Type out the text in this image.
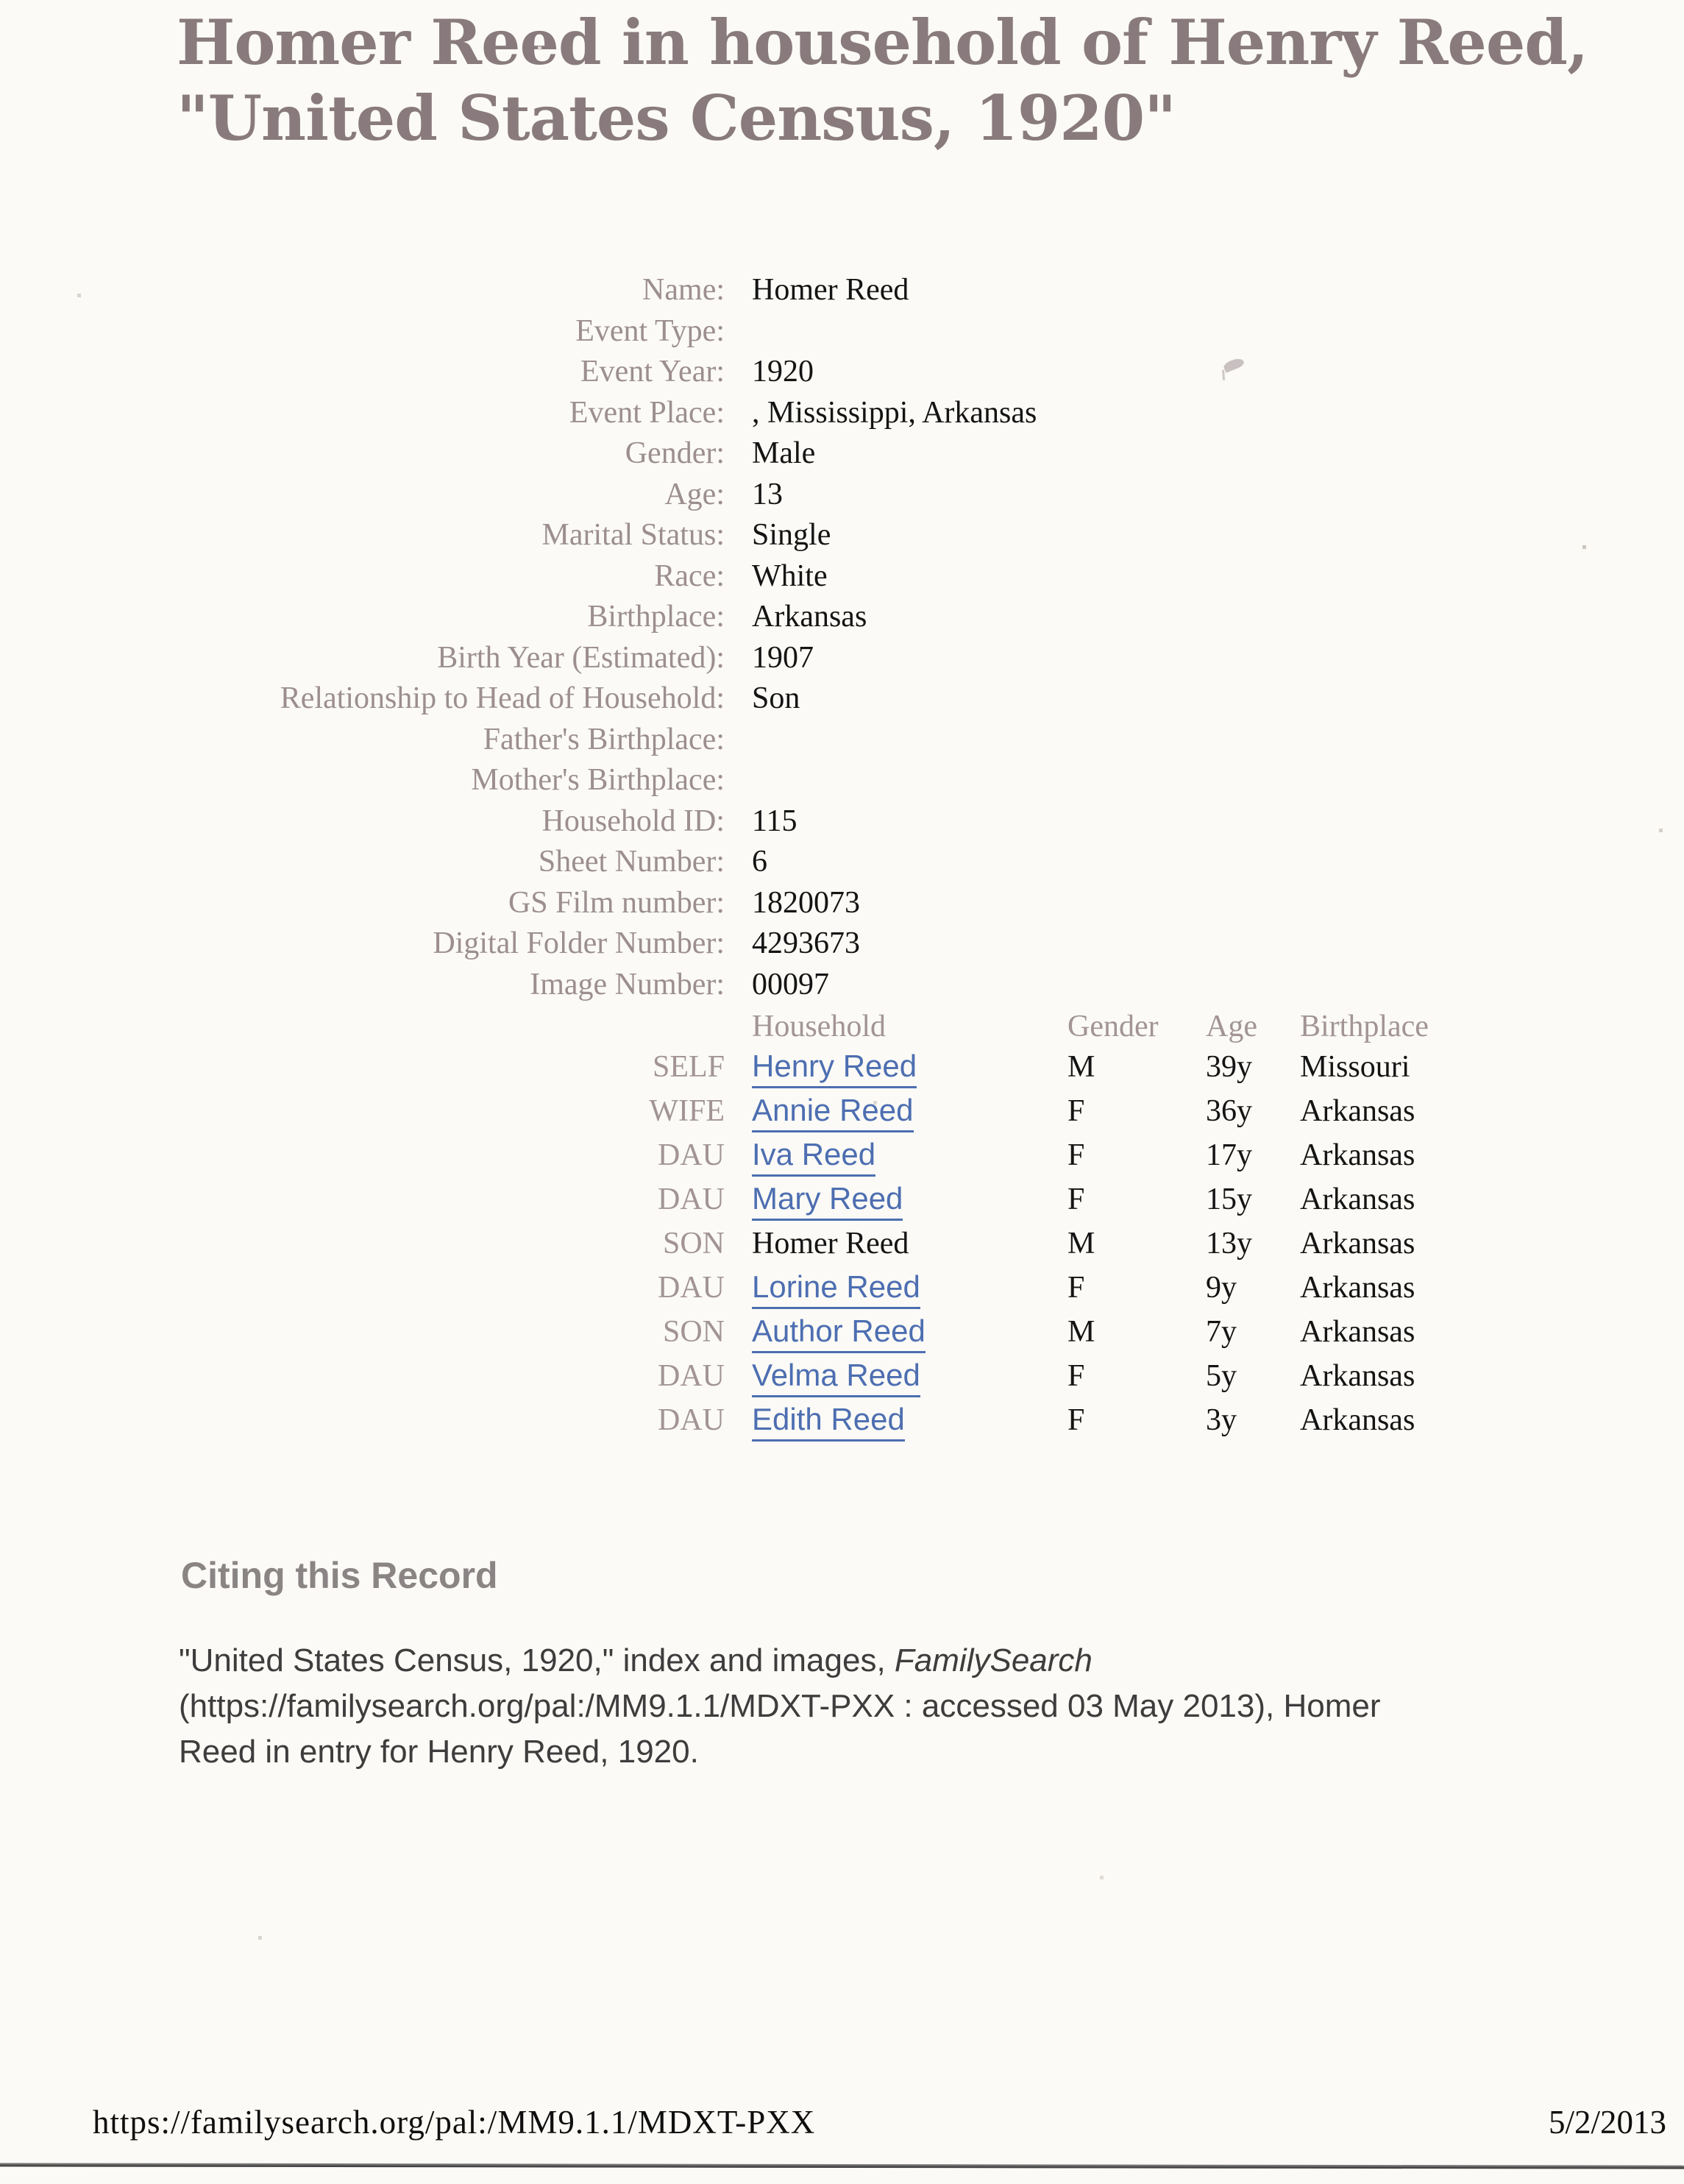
Homer Reed in household of Henry Reed,
"United States Census, 1920"
Name: Homer Reed
Event Type:
Event Year: 1920
Event Place: , Mississippi, Arkansas
Gender: Male
Age: 13
Marital Status: Single
Race: White
Birthplace: Arkansas
Birth Year (Estimated): 1907
Relationship to Head of Household: Son
Father's Birthplace:
Mother's Birthplace:
Household ID: 115
Sheet Number: 6
GS Film number: 1820073
Digital Folder Number: 4293673
Image Number: 00097
Household	Gender	Age	Birthplace
SELF Henry Reed	M	39y	Missouri
WIFE Annie Reed	F	36y	Arkansas
DAU Iva Reed	F	17y	Arkansas
DAU Mary Reed	F	15y	Arkansas
SON Homer Reed	M	13y	Arkansas
DAU Lorine Reed	F	9y	Arkansas
SON Author Reed	M	7y	Arkansas
DAU Velma Reed	F	5y	Arkansas
DAU Edith Reed	F	3y	Arkansas
Citing this Record
"United States Census, 1920," index and images, FamilySearch
(https://familysearch.org/pal:/MM9.1.1/MDXT-PXX : accessed 03 May 2013), Homer
Reed in entry for Henry Reed, 1920.
https://familysearch.org/pal:/MM9.1.1/MDXT-PXX	5/2/2013
